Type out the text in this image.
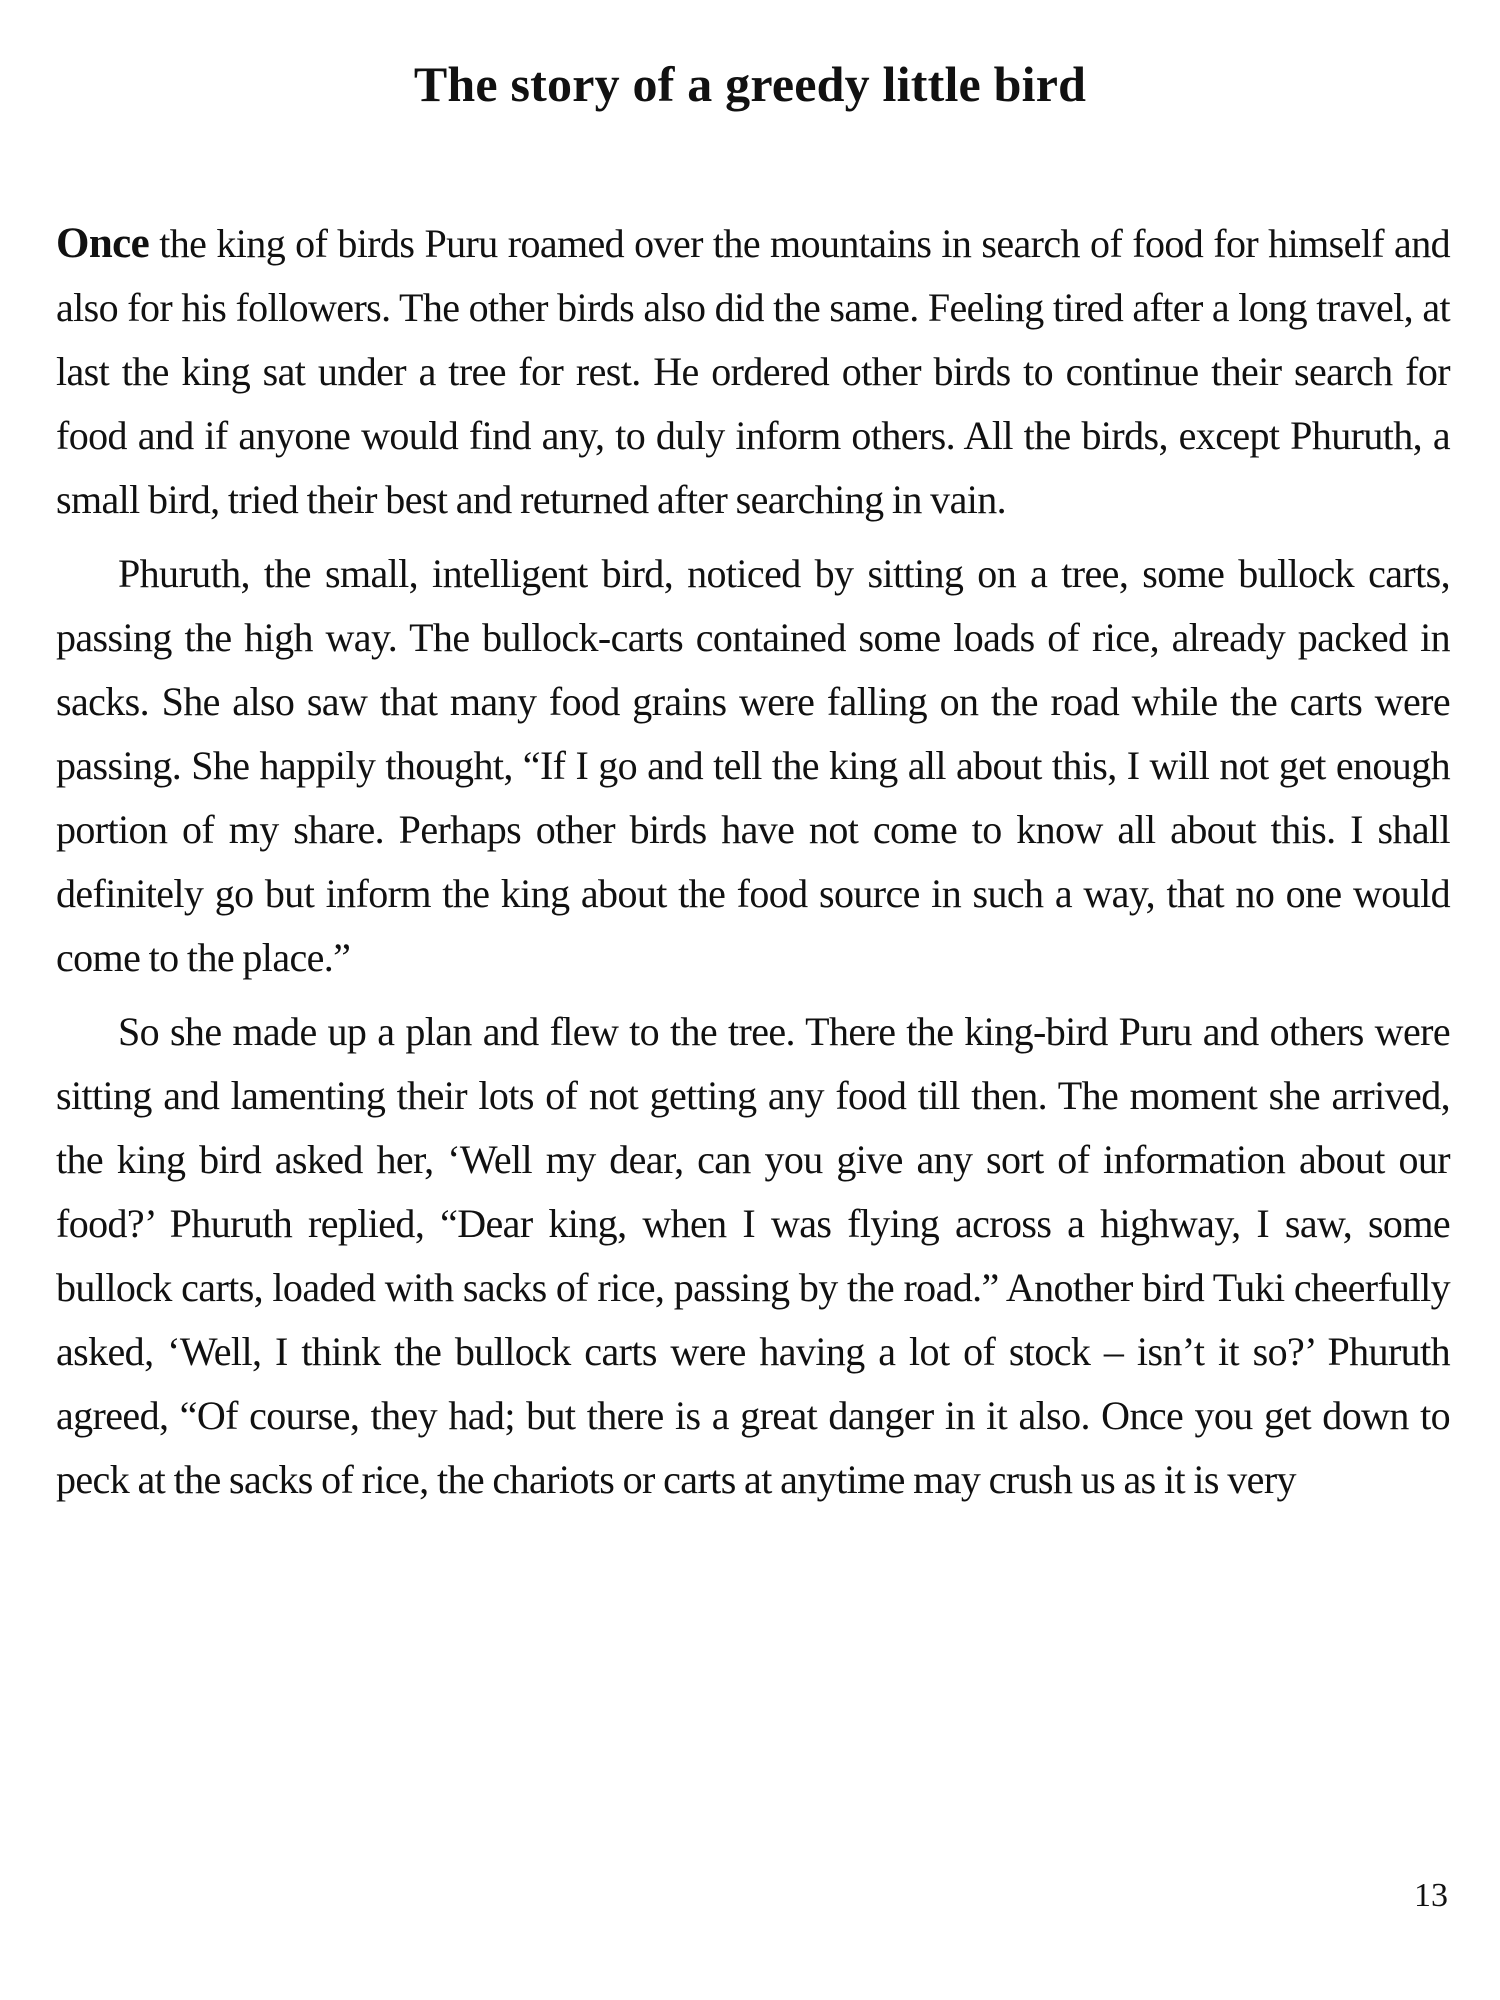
The story of a greedy little bird

Once the king of birds Puru roamed over the mountains in search of food for himself and also for his followers. The other birds also did the same. Feeling tired after a long travel, at last the king sat under a tree for rest. He ordered other birds to continue their search for food and if anyone would find any, to duly inform others. All the birds, except Phuruth, a small bird, tried their best and returned after searching in vain.

Phuruth, the small, intelligent bird, noticed by sitting on a tree, some bullock carts, passing the high way. The bullock-carts contained some loads of rice, already packed in sacks. She also saw that many food grains were falling on the road while the carts were passing. She happily thought, “If I go and tell the king all about this, I will not get enough portion of my share. Perhaps other birds have not come to know all about this. I shall definitely go but inform the king about the food source in such a way, that no one would come to the place.”

So she made up a plan and flew to the tree. There the king-bird Puru and others were sitting and lamenting their lots of not getting any food till then. The moment she arrived, the king bird asked her, ‘Well my dear, can you give any sort of information about our food?’ Phuruth replied, “Dear king, when I was flying across a highway, I saw, some bullock carts, loaded with sacks of rice, passing by the road.” Another bird Tuki cheerfully asked, ‘Well, I think the bullock carts were having a lot of stock – isn’t it so?’ Phuruth agreed, “Of course, they had; but there is a great danger in it also. Once you get down to peck at the sacks of rice, the chariots or carts at anytime may crush us as it is very

13
